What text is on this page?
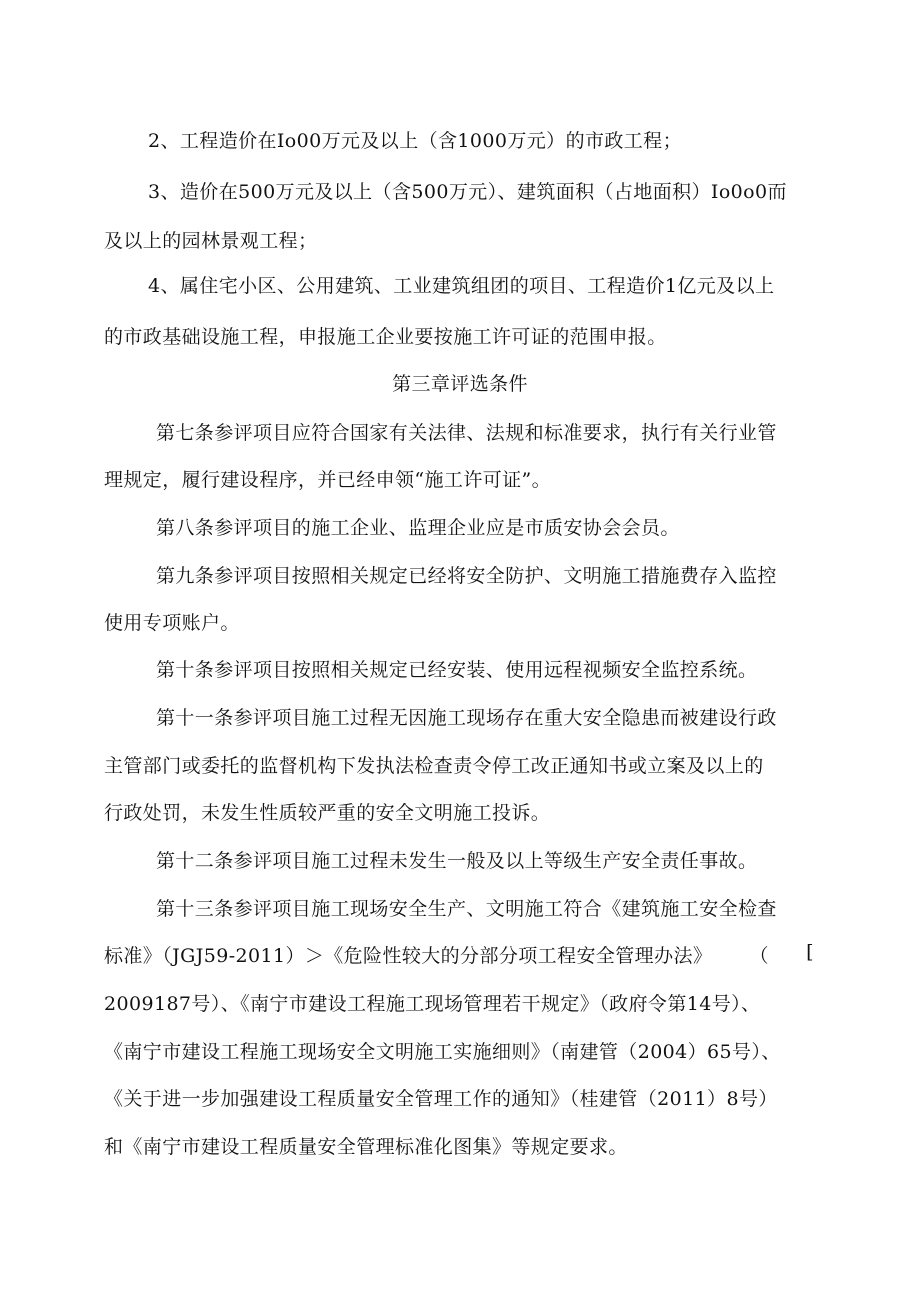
2、工程造价在Io00万元及以上（含1000万元）的市政工程；
3、造价在500万元及以上（含500万元）、建筑面积（占地面积）Io0o0而
及以上的园林景观工程；
4、属住宅小区、公用建筑、工业建筑组团的项目、工程造价1亿元及以上
的市政基础设施工程，申报施工企业要按施工许可证的范围申报。
第三章评选条件
第七条参评项目应符合国家有关法律、法规和标准要求，执行有关行业管
理规定，履行建设程序，并已经申领“施工许可证”。
第八条参评项目的施工企业、监理企业应是市质安协会会员。
第九条参评项目按照相关规定已经将安全防护、文明施工措施费存入监控
使用专项账户。
第十条参评项目按照相关规定已经安装、使用远程视频安全监控系统。
第十一条参评项目施工过程无因施工现场存在重大安全隐患而被建设行政
主管部门或委托的监督机构下发执法检查责令停工改正通知书或立案及以上的
行政处罚，未发生性质较严重的安全文明施工投诉。
第十二条参评项目施工过程未发生一般及以上等级生产安全责任事故。
第十三条参评项目施工现场安全生产、文明施工符合《建筑施工安全检查
标准》（JGJ59-2011）＞《危险性较大的分部分项工程安全管理办法》 （ [
2009187号）、《南宁市建设工程施工现场管理若干规定》（政府令第14号）、
《南宁市建设工程施工现场安全文明施工实施细则》（南建管（2004）65号）、
《关于进一步加强建设工程质量安全管理工作的通知》（桂建管（2011）8号）
和《南宁市建设工程质量安全管理标准化图集》等规定要求。
